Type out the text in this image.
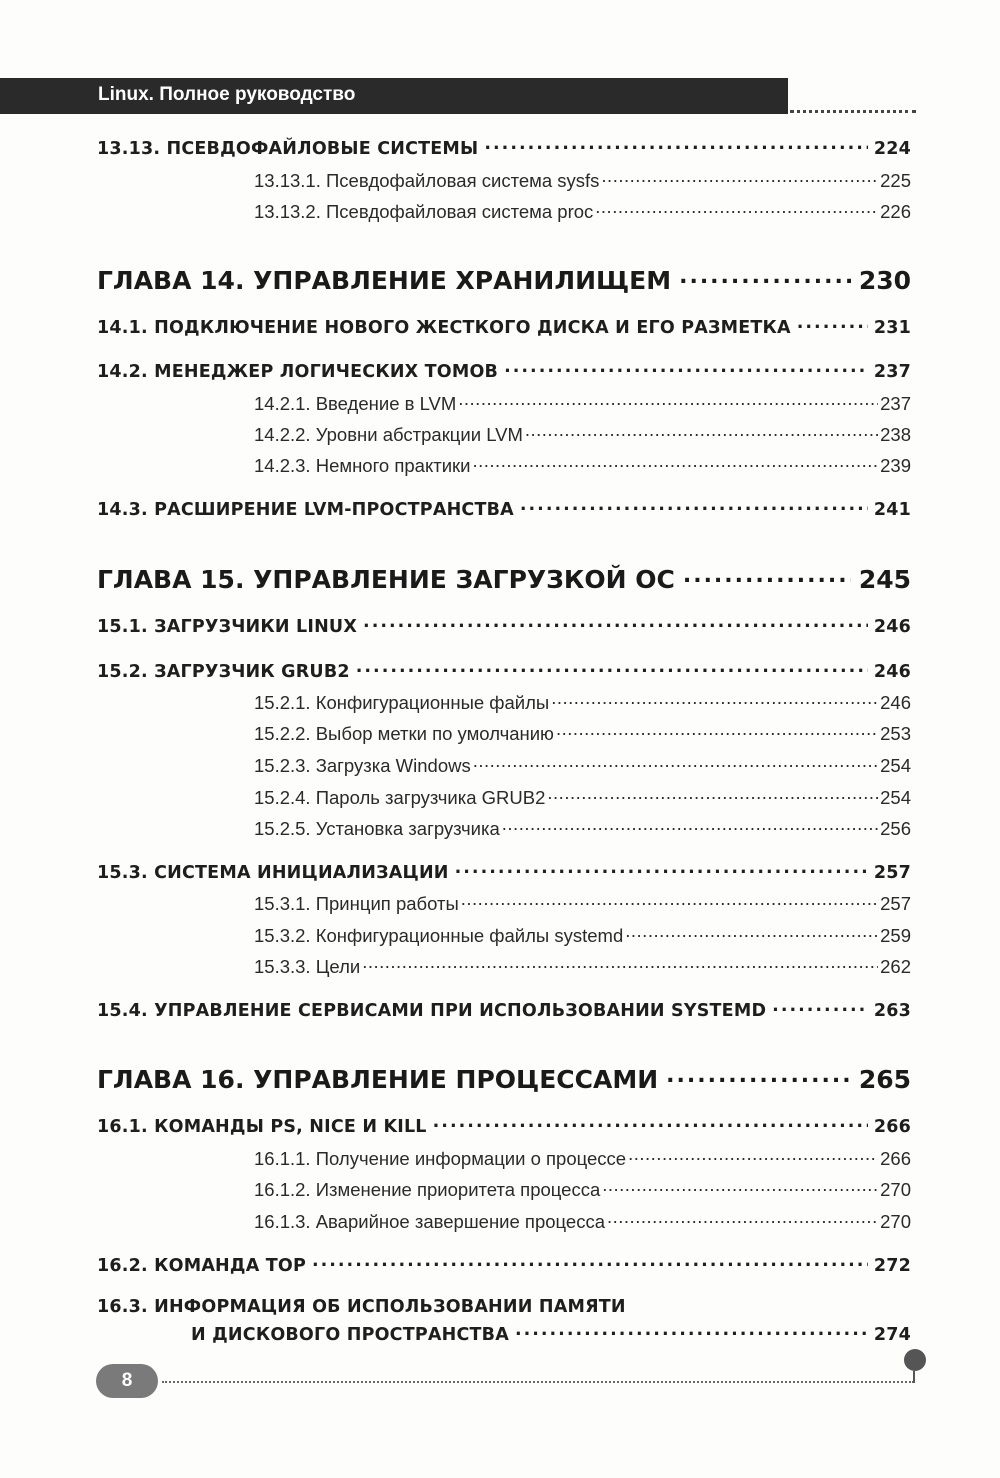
Linux. Полное руководство
13.13. ПСЕВДОФАЙЛОВЫЕ СИСТЕМЫ .....	224
13.13.1. Псевдофайловая система sysfs .....	225
13.13.2. Псевдофайловая система proc .....	226
ГЛАВА 14. УПРАВЛЕНИЕ ХРАНИЛИЩЕМ .....	230
14.1. ПОДКЛЮЧЕНИЕ НОВОГО ЖЕСТКОГО ДИСКА И ЕГО РАЗМЕТКА .....	231
14.2. МЕНЕДЖЕР ЛОГИЧЕСКИХ ТОМОВ .....	237
14.2.1. Введение в LVM .....	237
14.2.2. Уровни абстракции LVM .....	238
14.2.3. Немного практики .....	239
14.3. РАСШИРЕНИЕ LVM-ПРОСТРАНСТВА .....	241
ГЛАВА 15. УПРАВЛЕНИЕ ЗАГРУЗКОЙ ОС .....	245
15.1. ЗАГРУЗЧИКИ LINUX .....	246
15.2. ЗАГРУЗЧИК GRUB2 .....	246
15.2.1. Конфигурационные файлы .....	246
15.2.2. Выбор метки по умолчанию .....	253
15.2.3. Загрузка Windows .....	254
15.2.4. Пароль загрузчика GRUB2 .....	254
15.2.5. Установка загрузчика .....	256
15.3. СИСТЕМА ИНИЦИАЛИЗАЦИИ .....	257
15.3.1. Принцип работы .....	257
15.3.2. Конфигурационные файлы systemd .....	259
15.3.3. Цели .....	262
15.4. УПРАВЛЕНИЕ СЕРВИСАМИ ПРИ ИСПОЛЬЗОВАНИИ SYSTEMD .....	263
ГЛАВА 16. УПРАВЛЕНИЕ ПРОЦЕССАМИ .....	265
16.1. КОМАНДЫ PS, NICE И KILL .....	266
16.1.1. Получение информации о процессе .....	266
16.1.2. Изменение приоритета процесса .....	270
16.1.3. Аварийное завершение процесса .....	270
16.2. КОМАНДА TOP .....	272
16.3. ИНФОРМАЦИЯ ОБ ИСПОЛЬЗОВАНИИ ПАМЯТИ
И ДИСКОВОГО ПРОСТРАНСТВА .....	274
8
